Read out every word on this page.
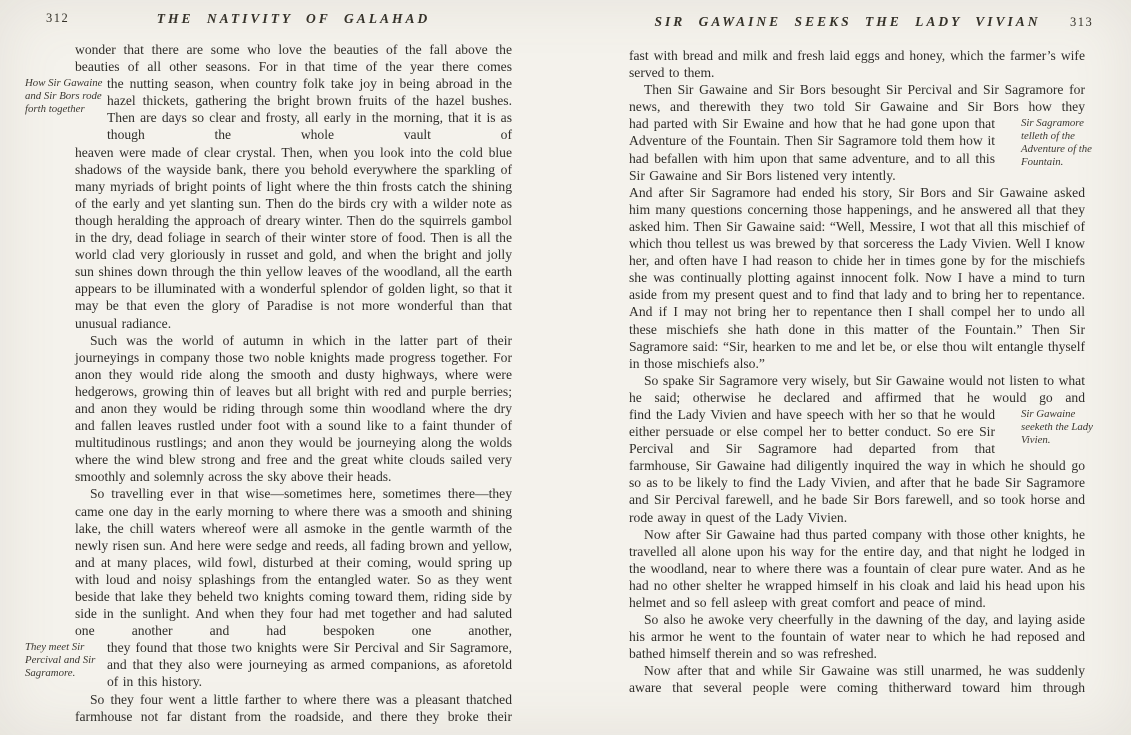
312	THE NATIVITY OF GALAHAD

wonder that there are some who love the beauties of the fall above the beauties of all other seasons. For in that time of the year there comes

How Sir Gawaine and Sir Bors rode forth together

the nutting season, when country folk take joy in being abroad in the hazel thickets, gathering the bright brown fruits of the hazel bushes. Then are days so clear and frosty, all early in the morning, that it is as though the whole vault of

heaven were made of clear crystal. Then, when you look into the cold blue shadows of the wayside bank, there you behold everywhere the sparkling of many myriads of bright points of light where the thin frosts catch the shining of the early and yet slanting sun. Then do the birds cry with a wilder note as though heralding the approach of dreary winter. Then do the squirrels gambol in the dry, dead foliage in search of their winter store of food. Then is all the world clad very gloriously in russet and gold, and when the bright and jolly sun shines down through the thin yellow leaves of the woodland, all the earth appears to be illuminated with a wonderful splendor of golden light, so that it may be that even the glory of Paradise is not more wonderful than that unusual radiance.

Such was the world of autumn in which in the latter part of their journeyings in company those two noble knights made progress together. For anon they would ride along the smooth and dusty highways, where were hedgerows, growing thin of leaves but all bright with red and purple berries; and anon they would be riding through some thin woodland where the dry and fallen leaves rustled under foot with a sound like to a faint thunder of multitudinous rustlings; and anon they would be journeying along the wolds where the wind blew strong and free and the great white clouds sailed very smoothly and solemnly across the sky above their heads.

So travelling ever in that wise—sometimes here, sometimes there—they came one day in the early morning to where there was a smooth and shining lake, the chill waters whereof were all asmoke in the gentle warmth of the newly risen sun. And here were sedge and reeds, all fading brown and yellow, and at many places, wild fowl, disturbed at their coming, would spring up with loud and noisy splashings from the entangled water. So as they went beside that lake they beheld two knights coming toward them, riding side by side in the sunlight. And when they four had met together and had saluted one another and had bespoken one another,

They meet Sir Percival and Sir Sagramore.

they found that those two knights were Sir Percival and Sir Sagramore, and that they also were journeying as armed companions, as aforetold of in this history.

So they four went a little farther to where there was a pleasant thatched farmhouse not far distant from the roadside, and there they broke their

SIR GAWAINE SEEKS THE LADY VIVIAN	313

fast with bread and milk and fresh laid eggs and honey, which the farmer’s wife served to them.

Then Sir Gawaine and Sir Bors besought Sir Percival and Sir Sagramore for news, and therewith they two told Sir Gawaine and Sir Bors how they

Sir Sagramore telleth of the Adventure of the Fountain.

had parted with Sir Ewaine and how that he had gone upon that Adventure of the Fountain. Then Sir Sagramore told them how it had befallen with him upon that same adventure, and to all this Sir Gawaine and Sir Bors listened very intently.

And after Sir Sagramore had ended his story, Sir Bors and Sir Gawaine asked him many questions concerning those happenings, and he answered all that they asked him. Then Sir Gawaine said: “Well, Messire, I wot that all this mischief of which thou tellest us was brewed by that sorceress the Lady Vivien. Well I know her, and often have I had reason to chide her in times gone by for the mischiefs she was continually plotting against innocent folk. Now I have a mind to turn aside from my present quest and to find that lady and to bring her to repentance. And if I may not bring her to repentance then I shall compel her to undo all these mischiefs she hath done in this matter of the Fountain.” Then Sir Sagramore said: “Sir, hearken to me and let be, or else thou wilt entangle thyself in those mischiefs also.”

So spake Sir Sagramore very wisely, but Sir Gawaine would not listen to what he said; otherwise he declared and affirmed that he would go and

Sir Gawaine seeketh the Lady Vivien.

find the Lady Vivien and have speech with her so that he would either persuade or else compel her to better conduct. So ere Sir Percival and Sir Sagramore had departed from that

farmhouse, Sir Gawaine had diligently inquired the way in which he should go so as to be likely to find the Lady Vivien, and after that he bade Sir Sagramore and Sir Percival farewell, and he bade Sir Bors farewell, and so took horse and rode away in quest of the Lady Vivien.

Now after Sir Gawaine had thus parted company with those other knights, he travelled all alone upon his way for the entire day, and that night he lodged in the woodland, near to where there was a fountain of clear pure water. And as he had no other shelter he wrapped himself in his cloak and laid his head upon his helmet and so fell asleep with great comfort and peace of mind.

So also he awoke very cheerfully in the dawning of the day, and laying aside his armor he went to the fountain of water near to which he had reposed and bathed himself therein and so was refreshed.

Now after that and while Sir Gawaine was still unarmed, he was suddenly aware that several people were coming thitherward toward him through
